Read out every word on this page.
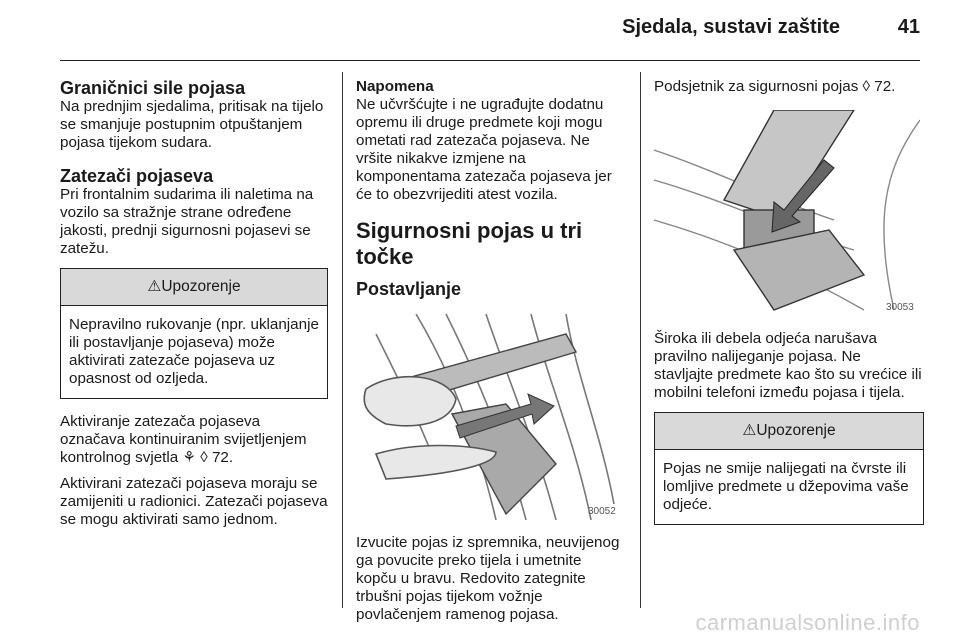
Sjedala, sustavi zaštite	41
Graničnici sile pojasa

Na prednjim sjedalima, pritisak na tijelo se smanjuje postupnim otpuštanjem pojasa tijekom sudara.

Zatezači pojaseva

Pri frontalnim sudarima ili naletima na vozilo sa stražnje strane određene jakosti, prednji sigurnosni pojasevi se zatežu.

⚠Upozorenje
Nepravilno rukovanje (npr. uklanjanje ili postavljanje pojaseva) može aktivirati zatezače pojaseva uz opasnost od ozljeda.

Aktiviranje zatezača pojaseva označava kontinuiranim svijetljenjem kontrolnog svjetla ⚘ ◊ 72.

Aktivirani zatezači pojaseva moraju se zamijeniti u radionici. Zatezači pojaseva se mogu aktivirati samo jednom.

Napomena

Ne učvršćujte i ne ugrađujte dodatnu opremu ili druge predmete koji mogu ometati rad zatezača pojaseva. Ne vršite nikakve izmjene na komponentama zatezača pojaseva jer će to obezvrijediti atest vozila.

Sigurnosni pojas u tri točke
Postavljanje
30052

Izvucite pojas iz spremnika, neuvijenog ga povucite preko tijela i umetnite kopču u bravu. Redovito zategnite trbušni pojas tijekom vožnje povlačenjem ramenog pojasa.

Podsjetnik za sigurnosni pojas ◊ 72.

30053

Široka ili debela odjeća narušava pravilno nalijeganje pojasa. Ne stavljajte predmete kao što su vrećice ili mobilni telefoni između pojasa i tijela.

⚠Upozorenje
Pojas ne smije nalijegati na čvrste ili lomljive predmete u džepovima vaše odjeće.
carmanualsonline.info
